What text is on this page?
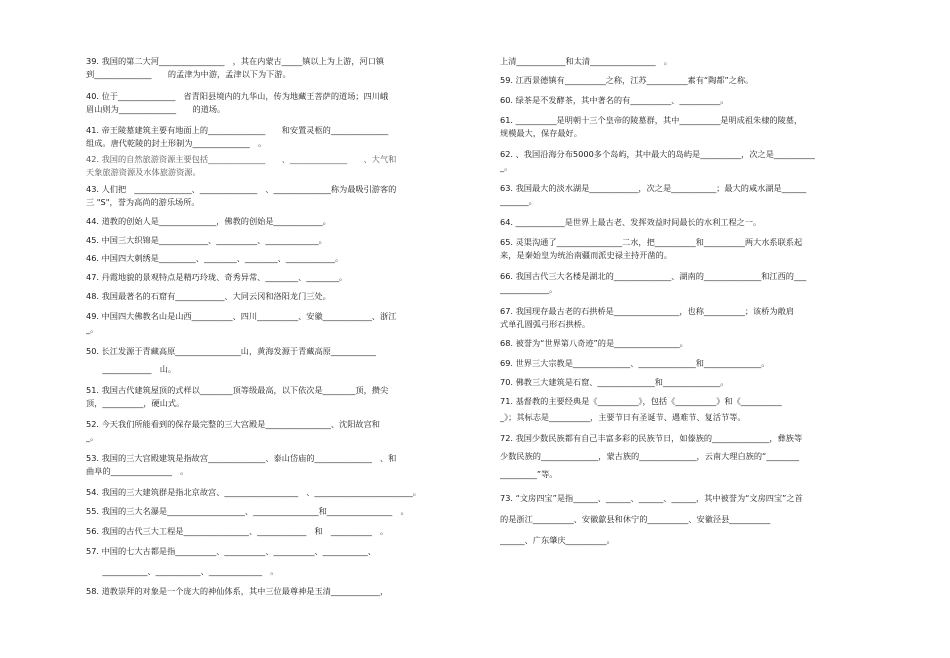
39. 我国的第二大河________________　，其在内蒙古_____镇以上为上游，河口镇
到______________　　的孟津为中游，孟津以下为下游。
40. 位于______________　省青阳县境内的九华山，传为地藏王菩萨的道场；四川峨
眉山则为______________　　的道场。
41. 帝王陵墓建筑主要有地面上的______________　　和安置灵柩的______________
组成。唐代乾陵的封土形制为______________　。
42. 我国的自然旅游资源主要包括______________　　、______________　　、大气和
天象旅游资源及水体旅游资源。
43. 人们把　______________、______________　、______________称为最吸引游客的
三 "S"，誉为高尚的游乐场所。
44. 道教的创始人是______________，佛教的创始是____________。
45. 中国三大织锦是____________、__________、_____________。
46. 中国四大刺绣是_________、________、________、____________。
47. 丹霞地貌的景观特点是精巧玲珑、奇秀异常、________、________。
48. 我国最著名的石窟有____________、大同云冈和洛阳龙门三处。
49. 中国四大佛教名山是山西__________、四川__________、安徽____________、浙江
_。
50. 长江发源于青藏高原________________山，黄海发源于青藏高原___________
　　____________　山。
51. 我国古代建筑屋顶的式样以________顶等级最高，以下依次是________顶，攒尖
顶，__________，硬山式。
52. 今天我们所能看到的保存最完整的三大宫殿是________________、沈阳故宫和
_。
53. 我国的三大宫殿建筑是指故宫______________、泰山岱庙的______________　、和
曲阜的_______________　。
54. 我国的三大建筑群是指北京故宫、__________________　、________________________。
55. 我国的三大名瀑是___________________、________________和________________　。
56. 我国的古代三大工程是________________、____________　和　__________　。
57. 中国的七大古都是指__________、__________、__________、___________、
　　___________、___________、_____________　。
58. 道教崇拜的对象是一个庞大的神仙体系，其中三位最尊神是玉清____________，
上清____________和太清________________　。
59. 江西景德镇有__________之称，江苏__________素有“陶都”之称。
60. 绿茶是不发酵茶，其中著名的有__________、__________。
61. __________是明朝十三个皇帝的陵墓群，其中__________是明成祖朱棣的陵墓，
规模最大，保存最好。
62. 、我国沿海分布5000多个岛屿，其中最大的岛屿是__________，次之是__________
_。
63. 我国最大的淡水湖是____________，次之是___________；最大的咸水湖是______
_______。
64. ____________是世界上最古老、发挥效益时间最长的水利工程之一。
65. 灵渠沟通了________________二水，把__________和__________两大水系联系起
来，是秦始皇为统治南疆而派史禄主持开凿的。
66. 我国古代三大名楼是湖北的______________、湖南的______________和江西的___
____________。
67. 我国现存最古老的石拱桥是________________，也称__________；该桥为敞肩
式单孔圆弧弓形石拱桥。
68. 被誉为“世界第八奇迹”的是________________。
69. 世界三大宗教是______________、______________和______________。
70. 佛教三大建筑是石窟、______________和______________。
71. 基督教的主要经典是《__________》，包括《__________》和《__________
_》；其标志是__________，主要节日有圣诞节、遇难节、复活节等。
72. 我国少数民族都有自己丰富多彩的民族节日，如傣族的______________，彝族等
少数民族的______________，蒙古族的______________，云南大理白族的“________
_________”等。
73. “文房四宝”是指______、______、______、______，其中被誉为“文房四宝”之首
的是浙江__________、安徽歙县和休宁的__________、安徽泾县__________
______、广东肇庆__________。
